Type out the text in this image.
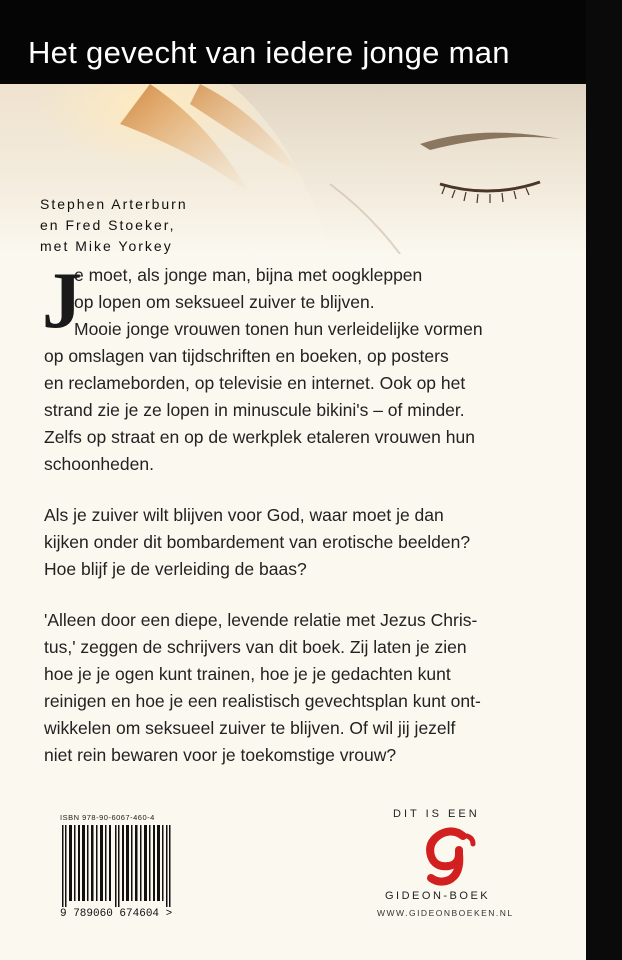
Het gevecht van iedere jonge man
Stephen Arterburn
en Fred Stoeker,
met Mike Yorkey
J
e moet, als jonge man, bijna met oogkleppen
op lopen om seksueel zuiver te blijven.
Mooie jonge vrouwen tonen hun verleidelijke vormen
op omslagen van tijdschriften en boeken, op posters
en reclameborden, op televisie en internet. Ook op het
strand zie je ze lopen in minuscule bikini's – of minder.
Zelfs op straat en op de werkplek etaleren vrouwen hun
schoonheden.
Als je zuiver wilt blijven voor God, waar moet je dan
kijken onder dit bombardement van erotische beelden?
Hoe blijf je de verleiding de baas?
'Alleen door een diepe, levende relatie met Jezus Chris-
tus,' zeggen de schrijvers van dit boek. Zij laten je zien
hoe je je ogen kunt trainen, hoe je je gedachten kunt
reinigen en hoe je een realistisch gevechtsplan kunt ont-
wikkelen om seksueel zuiver te blijven. Of wil jij jezelf
niet rein bewaren voor je toekomstige vrouw?
ISBN 978-90-6067-460-4
9 789060 674604 >
DIT IS EEN
GIDEON-BOEK
WWW.GIDEONBOEKEN.NL
